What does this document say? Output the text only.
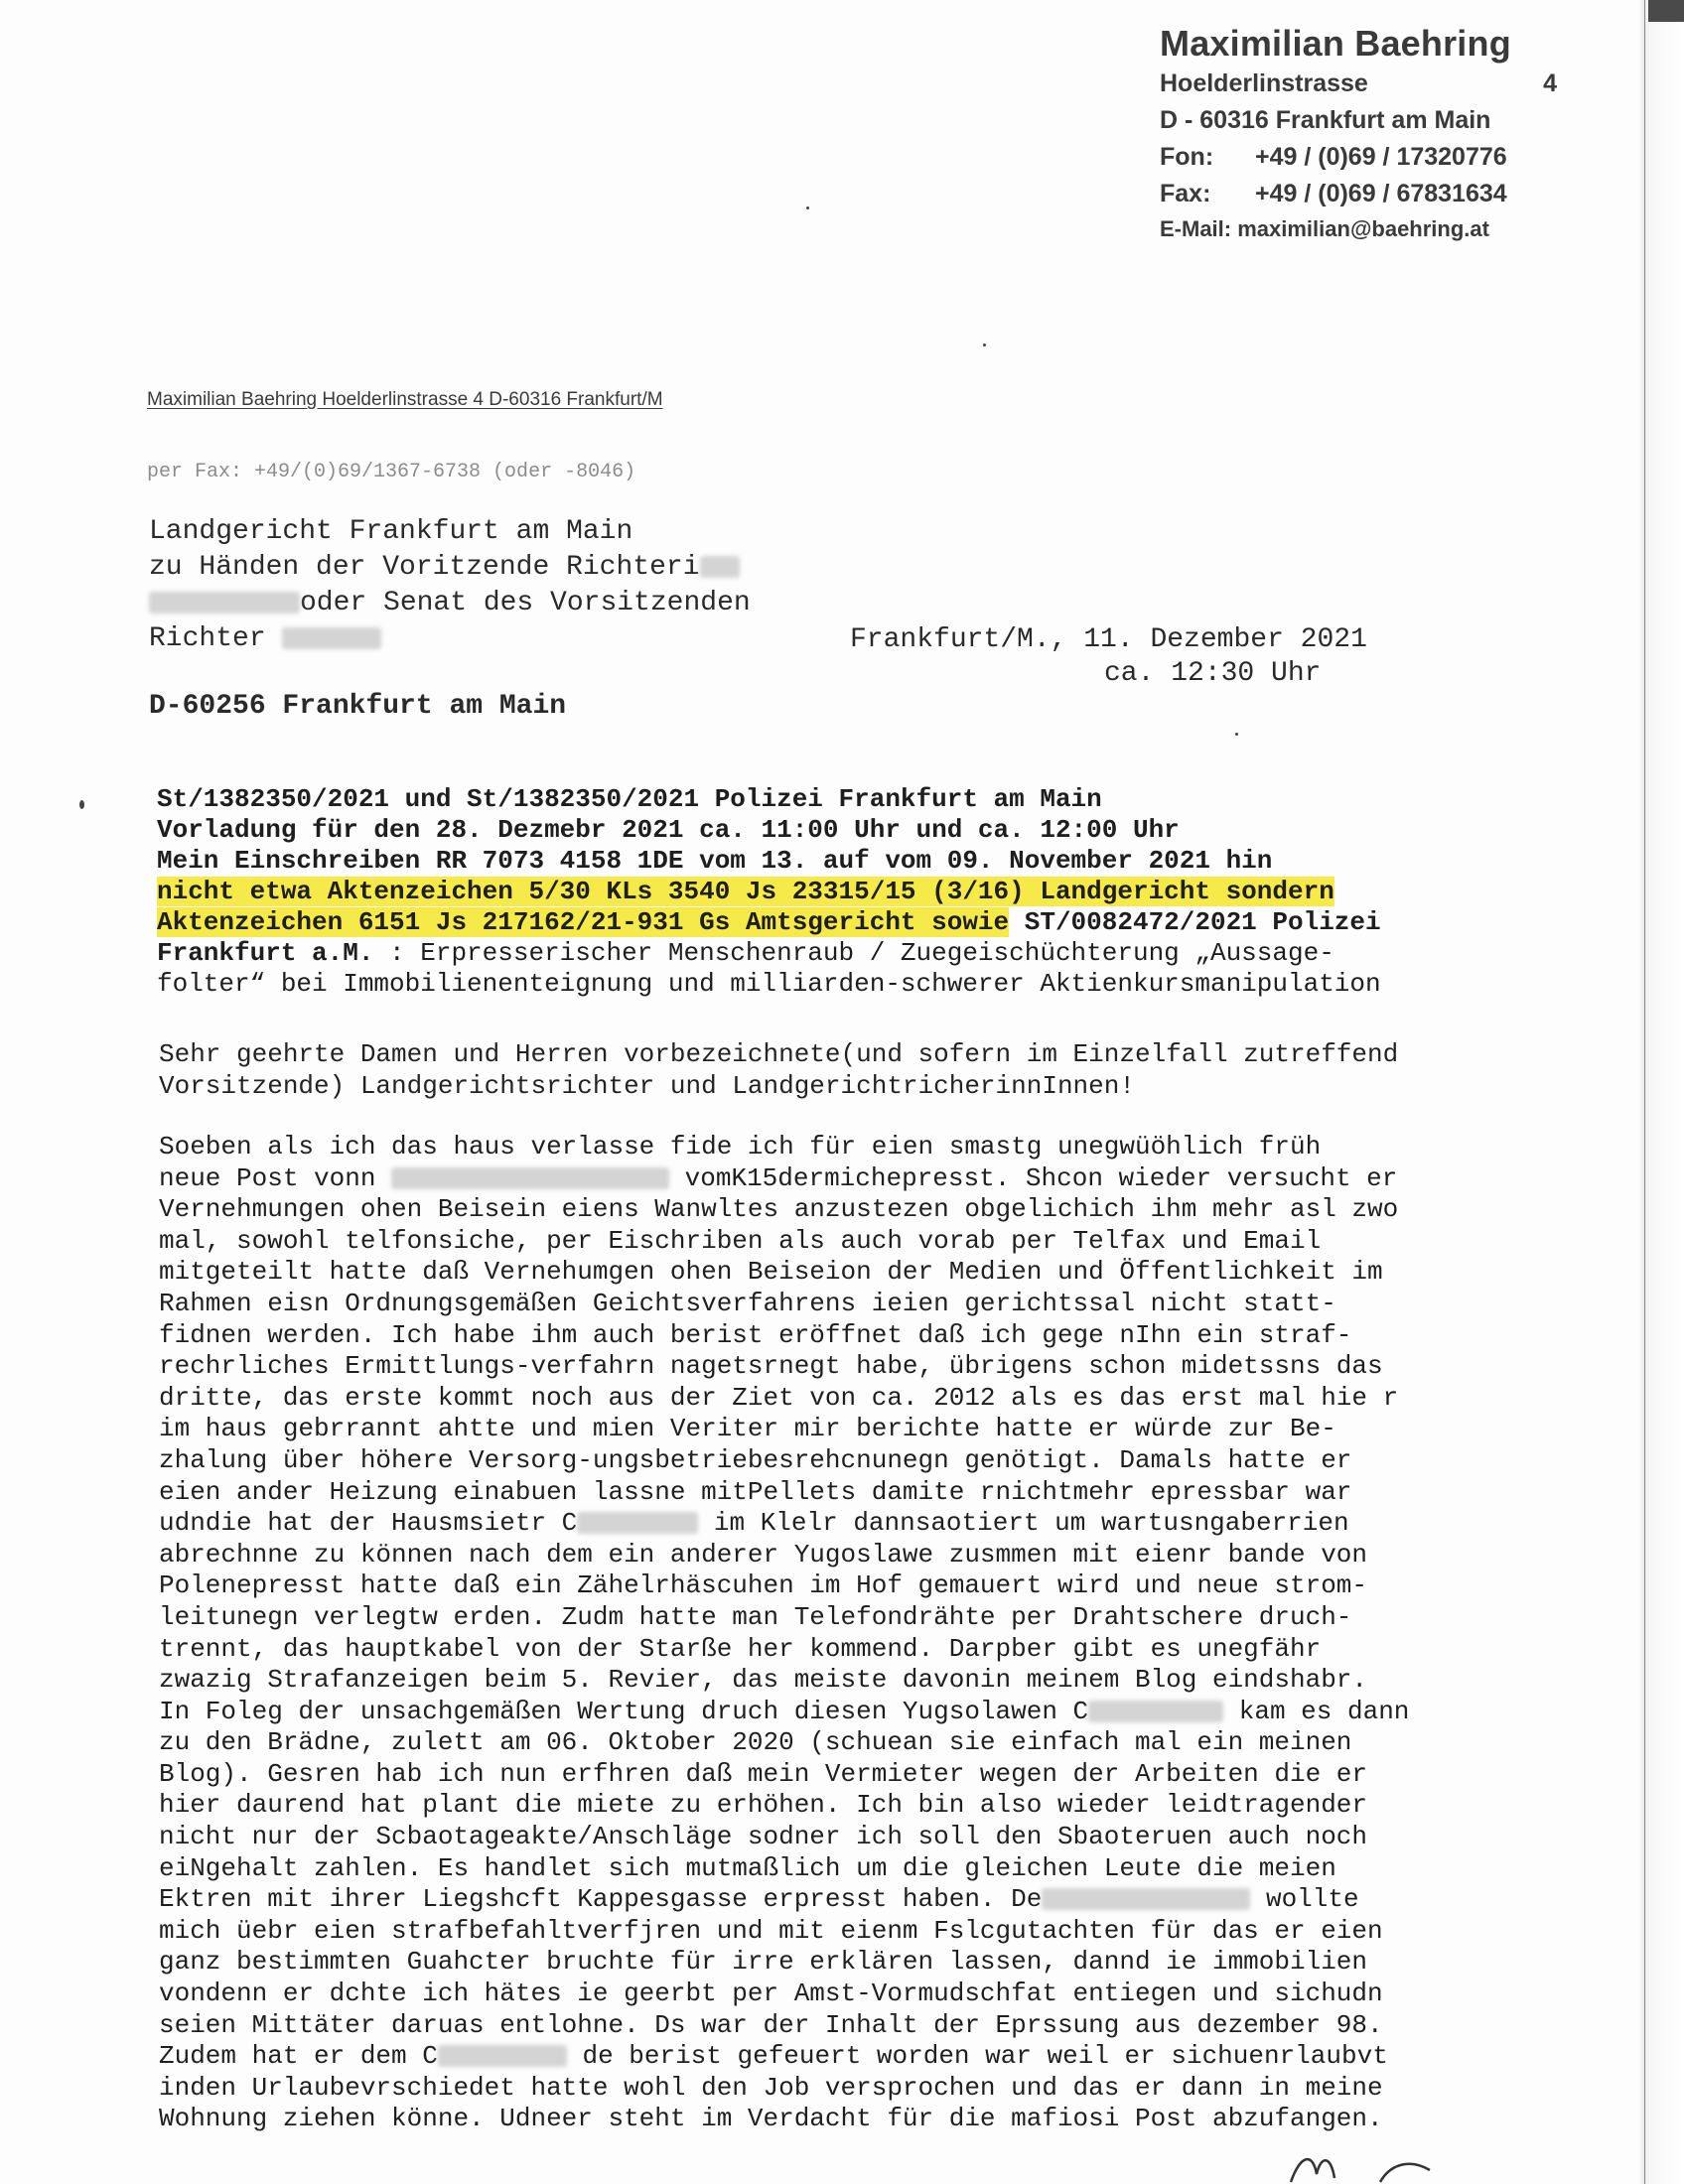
Maximilian Baehring
Hoelderlinstrasse	4
D - 60316 Frankfurt am Main
Fon: +49 / (0)69 / 17320776
Fax: +49 / (0)69 / 67831634
E-Mail: maximilian@baehring.at
Maximilian Baehring Hoelderlinstrasse 4 D-60316 Frankfurt/M
per Fax: +49/(0)69/1367-6738 (oder -8046)
Landgericht Frankfurt am Main
zu Händen der Voritzende Richteri
oder Senat des Vorsitzenden
Richter
D-60256 Frankfurt am Main
Frankfurt/M., 11. Dezember 2021
ca. 12:30 Uhr
St/1382350/2021 und St/1382350/2021 Polizei Frankfurt am Main
Vorladung für den 28. Dezmebr 2021 ca. 11:00 Uhr und ca. 12:00 Uhr
Mein Einschreiben RR 7073 4158 1DE vom 13. auf vom 09. November 2021 hin
nicht etwa Aktenzeichen 5/30 KLs 3540 Js 23315/15 (3/16) Landgericht sondern
Aktenzeichen 6151 Js 217162/21-931 Gs Amtsgericht sowie ST/0082472/2021 Polizei
Frankfurt a.M. : Erpresserischer Menschenraub / Zuegeischüchterung „Aussage-
folter“ bei Immobilienenteignung und milliarden-schwerer Aktienkursmanipulation
Sehr geehrte Damen und Herren vorbezeichnete(und sofern im Einzelfall zutreffend
Vorsitzende) Landgerichtsrichter und LandgerichtricherinnInnen!
Soeben als ich das haus verlasse fide ich für eien smastg unegwüöhlich früh
neue Post vonn	vomK15dermichepresst. Shcon wieder versucht er
Vernehmungen ohen Beisein eiens Wanwltes anzustezen obgelichich ihm mehr asl zwo
mal, sowohl telfonsiche, per Eischriben als auch vorab per Telfax und Email
mitgeteilt hatte daß Vernehumgen ohen Beiseion der Medien und Öffentlichkeit im
Rahmen eisn Ordnungsgemäßen Geichtsverfahrens ieien gerichtssal nicht statt-
fidnen werden. Ich habe ihm auch berist eröffnet daß ich gege nIhn ein straf-
rechrliches Ermittlungs-verfahrn nagetsrnegt habe, übrigens schon midetssns das
dritte, das erste kommt noch aus der Ziet von ca. 2012 als es das erst mal hie r
im haus gebrrannt ahtte und mien Veriter mir berichte hatte er würde zur Be-
zhalung über höhere Versorg-ungsbetriebesrehcnunegn genötigt. Damals hatte er
eien ander Heizung einabuen lassne mitPellets damite rnichtmehr epressbar war
udndie hat der Hausmsietr C	im Klelr dannsaotiert um wartusngaberrien
abrechnne zu können nach dem ein anderer Yugoslawe zusmmen mit eienr bande von
Polenepresst hatte daß ein Zähelrhäscuhen im Hof gemauert wird und neue strom-
leitunegn verlegtw erden. Zudm hatte man Telefondrähte per Drahtschere druch-
trennt, das hauptkabel von der Starße her kommend. Darpber gibt es unegfähr
zwazig Strafanzeigen beim 5. Revier, das meiste davonin meinem Blog eindshabr.
In Foleg der unsachgemäßen Wertung druch diesen Yugsolawen C	kam es dann
zu den Brädne, zulett am 06. Oktober 2020 (schuean sie einfach mal ein meinen
Blog). Gesren hab ich nun erfhren daß mein Vermieter wegen der Arbeiten die er
hier daurend hat plant die miete zu erhöhen. Ich bin also wieder leidtragender
nicht nur der Scbaotageakte/Anschläge sodner ich soll den Sbaoteruen auch noch
eiNgehalt zahlen. Es handlet sich mutmaßlich um die gleichen Leute die meien
Ektren mit ihrer Liegshcft Kappesgasse erpresst haben. De	wollte
mich üebr eien strafbefahltverfjren und mit eienm Fslcgutachten für das er eien
ganz bestimmten Guahcter bruchte für irre erklären lassen, dannd ie immobilien
vondenn er dchte ich hätes ie geerbt per Amst-Vormudschfat entiegen und sichudn
seien Mittäter daruas entlohne. Ds war der Inhalt der Eprssung aus dezember 98.
Zudem hat er dem C	de berist gefeuert worden war weil er sichuenrlaubvt
inden Urlaubevrschiedet hatte wohl den Job versprochen und das er dann in meine
Wohnung ziehen könne. Udneer steht im Verdacht für die mafiosi Post abzufangen.
